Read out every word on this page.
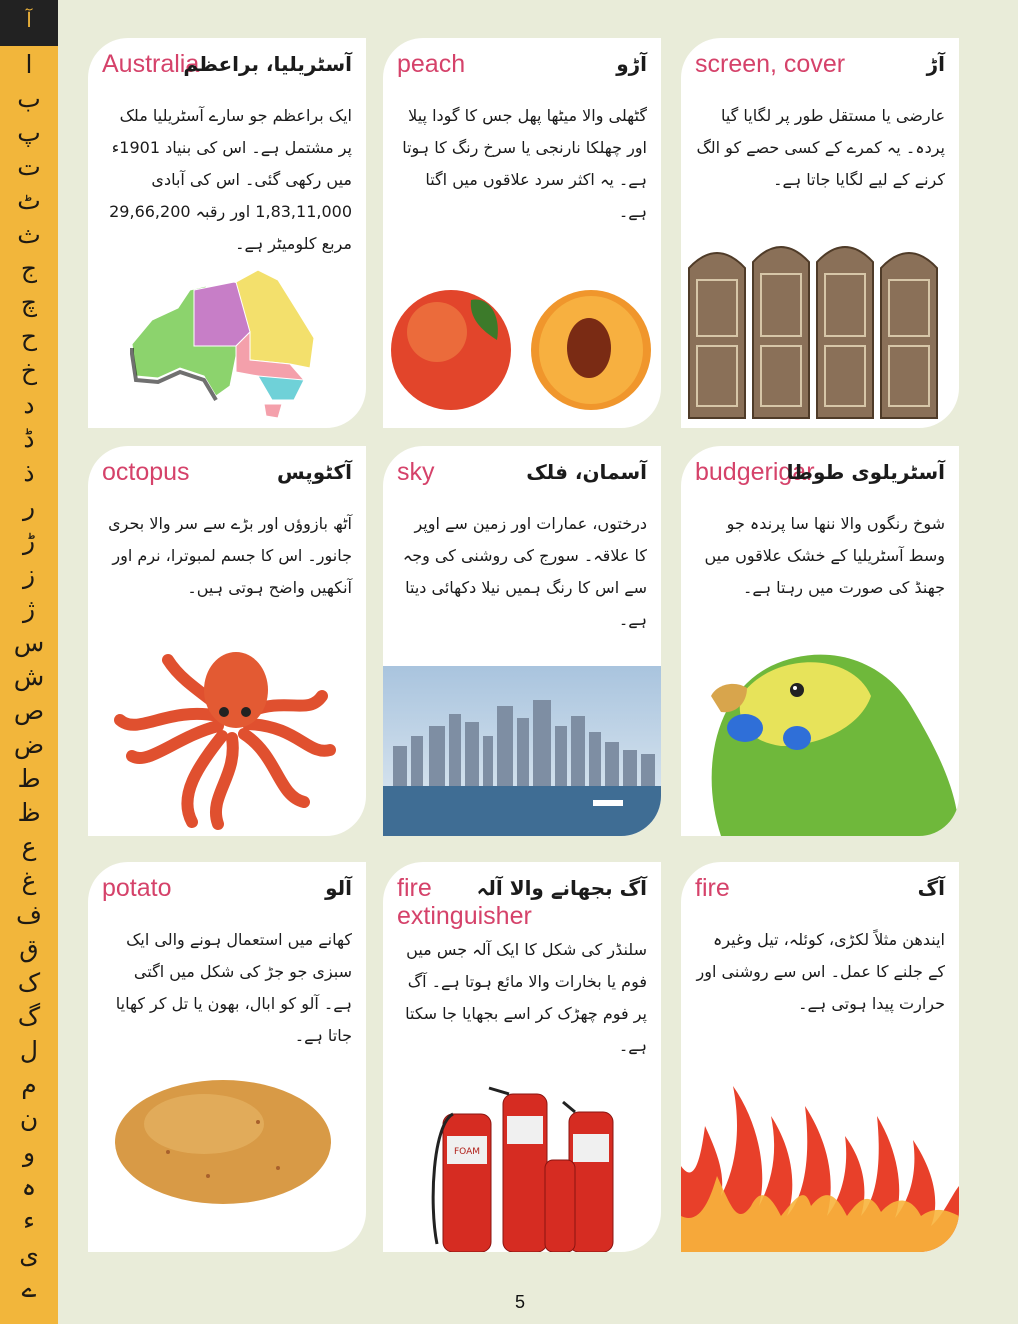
آ
ا
ب
پ
ت
ٹ
ث
ج
چ
ح
خ
د
ڈ
ذ
ر
ڑ
ز
ژ
س
ش
ص
ض
ط
ظ
ع
غ
ف
ق
ک
گ
ل
م
ن
و
ہ
ء
ی
ے
Australia
آسٹریلیا، براعظم
ایک براعظم جو سارے آسٹریلیا ملک پر مشتمل ہے۔ اس کی بنیاد 1901ء میں رکھی گئی۔ اس کی آبادی 1,83,11,000 اور رقبہ 29,66,200 مربع کلومیٹر ہے۔
peach	آڑو
گٹھلی والا میٹھا پھل جس کا گودا پیلا اور چھلکا نارنجی یا سرخ رنگ کا ہوتا ہے۔ یہ اکثر سرد علاقوں میں اگتا ہے۔
screen, cover	آڑ
عارضی یا مستقل طور پر لگایا گیا پردہ۔ یہ کمرے کے کسی حصے کو الگ کرنے کے لیے لگایا جاتا ہے۔
octopus	آکٹوپس
آٹھ بازوؤں اور بڑے سے سر والا بحری جانور۔ اس کا جسم لمبوترا، نرم اور آنکھیں واضح ہوتی ہیں۔
sky	آسمان، فلک
درختوں، عمارات اور زمین سے اوپر کا علاقہ۔ سورج کی روشنی کی وجہ سے اس کا رنگ ہمیں نیلا دکھائی دیتا ہے۔
budgerigar
آسٹریلوی طوطا
شوخ رنگوں والا ننھا سا پرندہ جو وسط آسٹریلیا کے خشک علاقوں میں جھنڈ کی صورت میں رہتا ہے۔
potato	آلو
کھانے میں استعمال ہونے والی ایک سبزی جو جڑ کی شکل میں اگتی ہے۔ آلو کو ابال، بھون یا تل کر کھایا جاتا ہے۔
fire extinguisher
آگ بجھانے والا آلہ
سلنڈر کی شکل کا ایک آلہ جس میں فوم یا بخارات والا مائع ہوتا ہے۔ آگ پر فوم چھڑک کر اسے بجھایا جا سکتا ہے۔
FOAM
fire	آگ
ایندھن مثلاً لکڑی، کوئلہ، تیل وغیرہ کے جلنے کا عمل۔ اس سے روشنی اور حرارت پیدا ہوتی ہے۔
5
